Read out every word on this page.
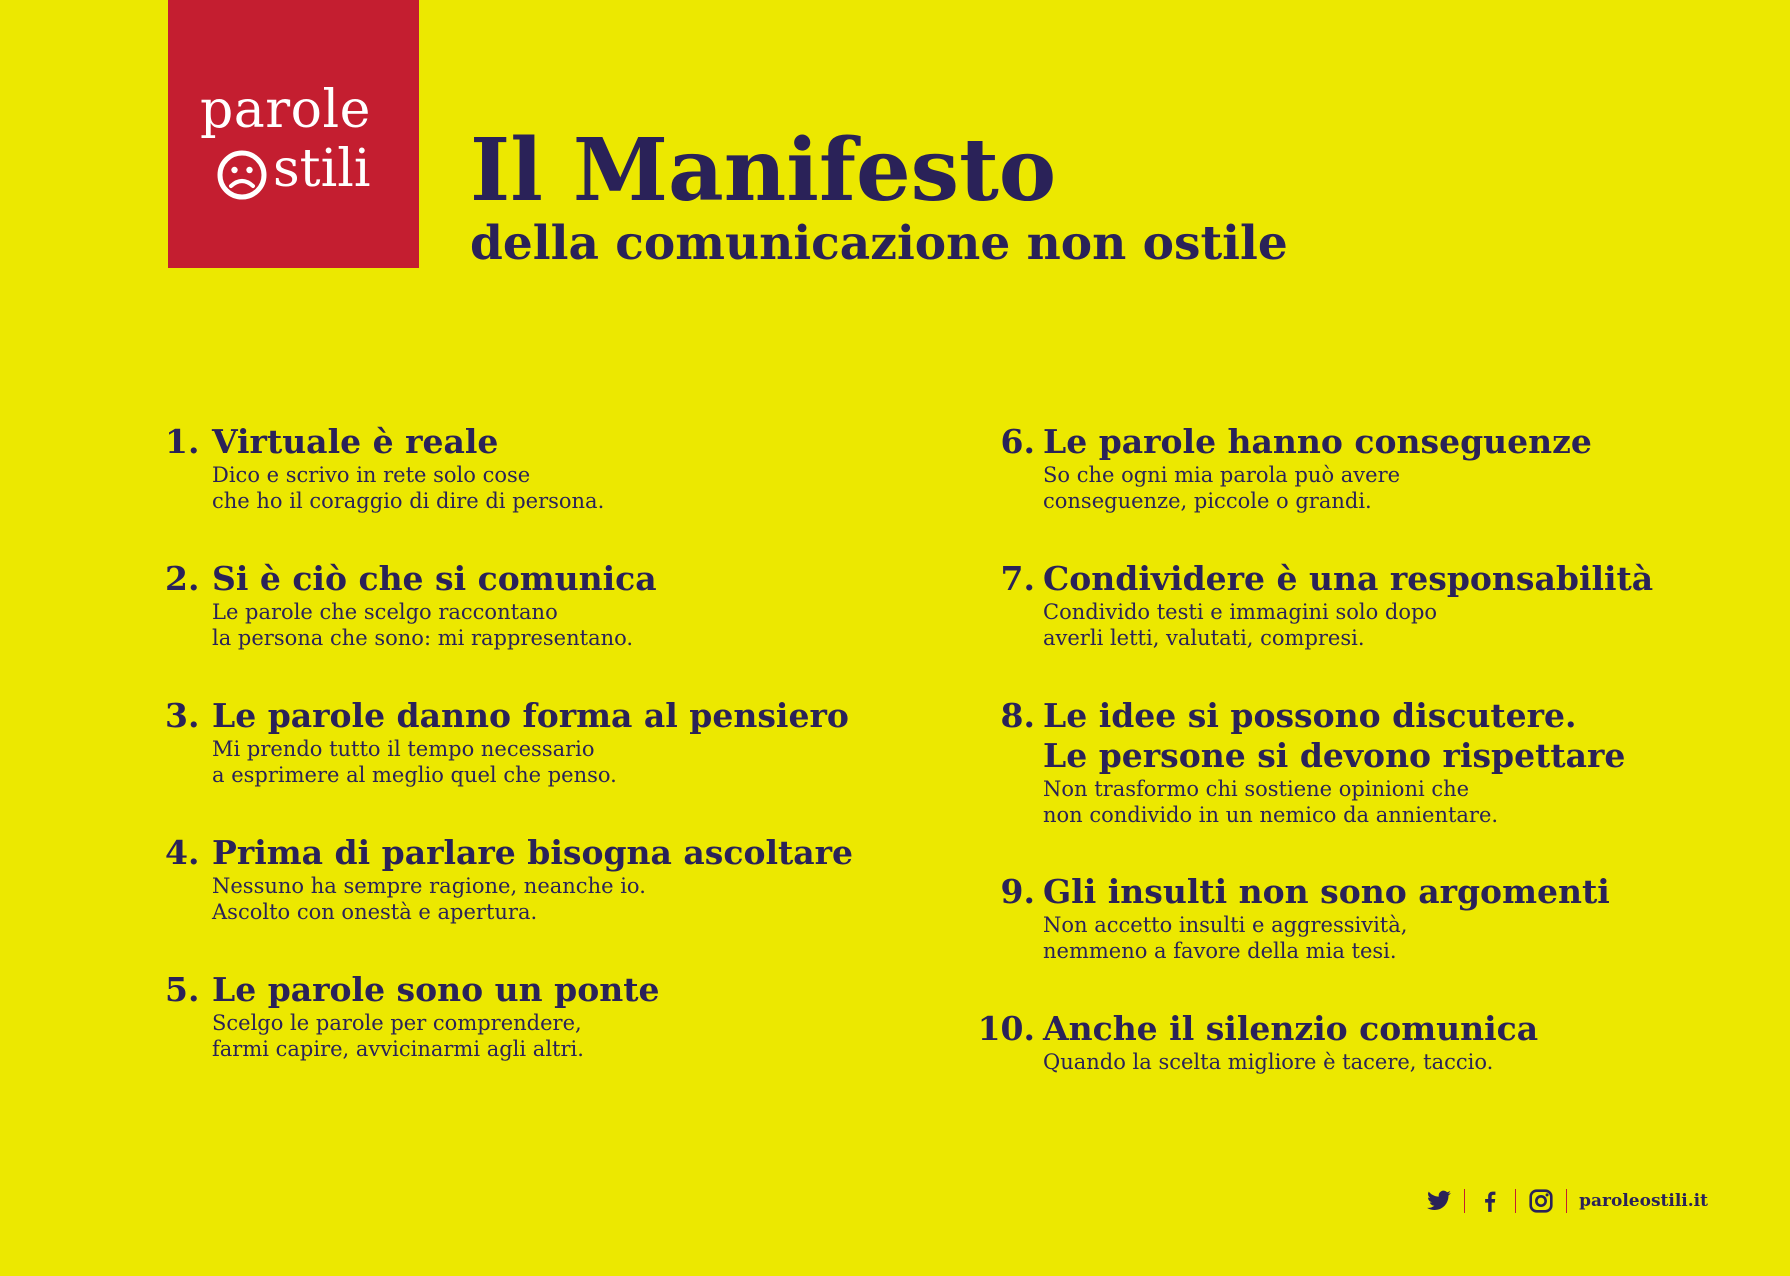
parole
stili Il Manifesto
della comunicazione non ostile
1. Virtuale è reale
Dico e scrivo in rete solo cose
che ho il coraggio di dire di persona.
2. Si è ciò che si comunica
Le parole che scelgo raccontano
la persona che sono: mi rappresentano.
3. Le parole danno forma al pensiero
Mi prendo tutto il tempo necessario
a esprimere al meglio quel che penso.
4. Prima di parlare bisogna ascoltare
Nessuno ha sempre ragione, neanche io.
Ascolto con onestà e apertura.
5. Le parole sono un ponte
Scelgo le parole per comprendere,
farmi capire, avvicinarmi agli altri.
6. Le parole hanno conseguenze
So che ogni mia parola può avere
conseguenze, piccole o grandi.
7. Condividere è una responsabilità
Condivido testi e immagini solo dopo
averli letti, valutati, compresi.
8. Le idee si possono discutere.
Le persone si devono rispettare
Non trasformo chi sostiene opinioni che
non condivido in un nemico da annientare.
9. Gli insulti non sono argomenti
Non accetto insulti e aggressività,
nemmeno a favore della mia tesi.
10. Anche il silenzio comunica
Quando la scelta migliore è tacere, taccio.
paroleostili.it
